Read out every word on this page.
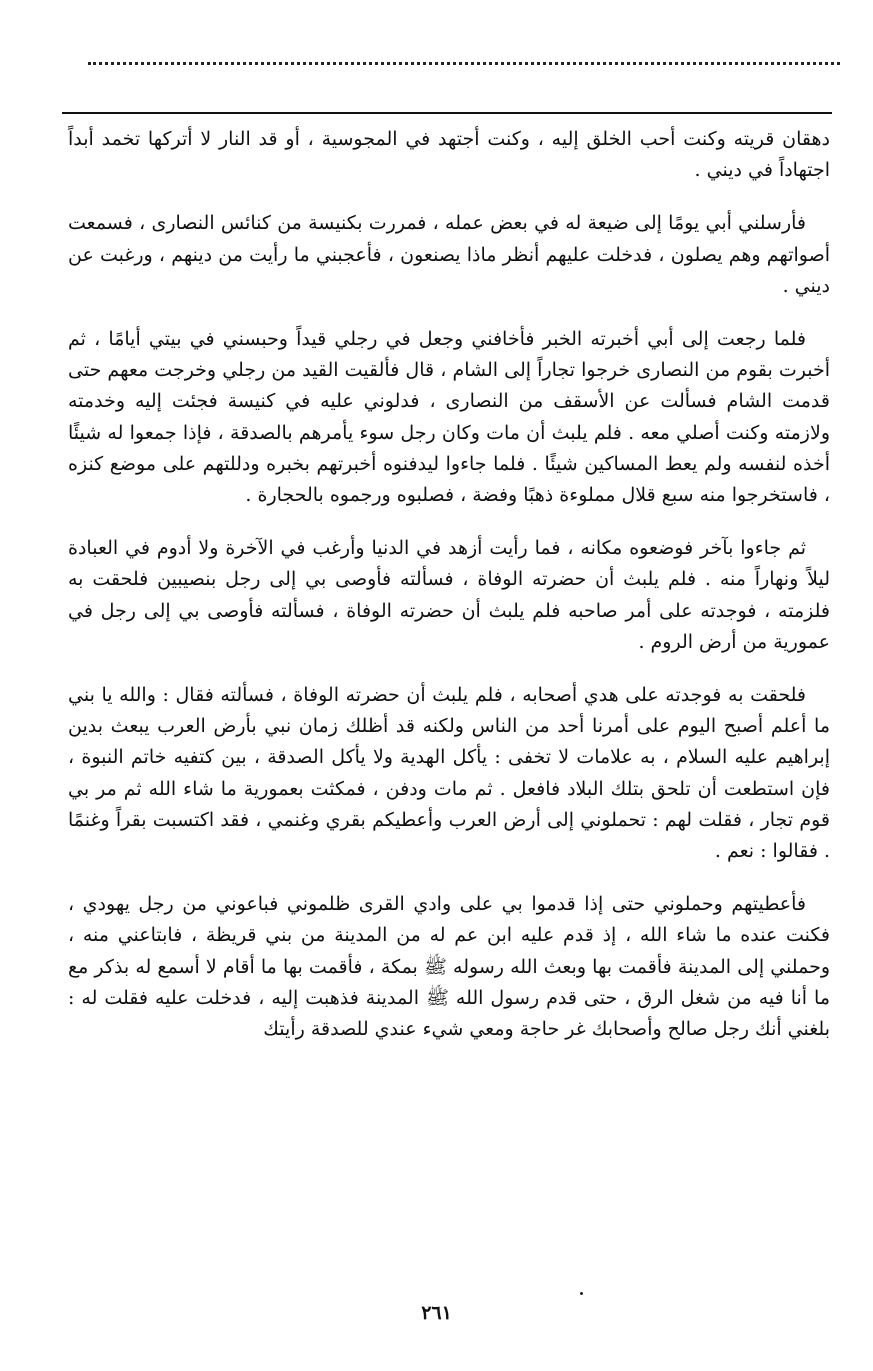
دهقان قريته وكنت أحب الخلق إليه ، وكنت أجتهد في المجوسية ، أو قد النار لا أتركها تخمد أبداً اجتهاداً في ديني .

فأرسلني أبي يومًا إلى ضيعة له في بعض عمله ، فمررت بكنيسة من كنائس النصارى ، فسمعت أصواتهم وهم يصلون ، فدخلت عليهم أنظر ماذا يصنعون ، فأعجبني ما رأيت من دينهم ، ورغبت عن ديني .

فلما رجعت إلى أبي أخبرته الخبر فأخافني وجعل في رجلي قيداً وحبسني في بيتي أيامًا ، ثم أخبرت بقوم من النصارى خرجوا تجاراً إلى الشام ، قال فألقيت القيد من رجلي وخرجت معهم حتى قدمت الشام فسألت عن الأسقف من النصارى ، فدلوني عليه في كنيسة فجئت إليه وخدمته ولازمته وكنت أصلي معه . فلم يلبث أن مات وكان رجل سوء يأمرهم بالصدقة ، فإذا جمعوا له شيئًا أخذه لنفسه ولم يعط المساكين شيئًا . فلما جاءوا ليدفنوه أخبرتهم بخبره ودللتهم على موضع كنزه ، فاستخرجوا منه سبع قلال مملوءة ذهبًا وفضة ، فصلبوه ورجموه بالحجارة .

ثم جاءوا بآخر فوضعوه مكانه ، فما رأيت أزهد في الدنيا وأرغب في الآخرة ولا أدوم في العبادة ليلاً ونهاراً منه . فلم يلبث أن حضرته الوفاة ، فسألته فأوصى بي إلى رجل بنصيبين فلحقت به فلزمته ، فوجدته على أمر صاحبه فلم يلبث أن حضرته الوفاة ، فسألته فأوصى بي إلى رجل في عمورية من أرض الروم .

فلحقت به فوجدته على هدي أصحابه ، فلم يلبث أن حضرته الوفاة ، فسألته فقال : والله يا بني ما أعلم أصبح اليوم على أمرنا أحد من الناس ولكنه قد أظلك زمان نبي بأرض العرب يبعث بدين إبراهيم عليه السلام ، به علامات لا تخفى : يأكل الهدية ولا يأكل الصدقة ، بين كتفيه خاتم النبوة ، فإن استطعت أن تلحق بتلك البلاد فافعل . ثم مات ودفن ، فمكثت بعمورية ما شاء الله ثم مر بي قوم تجار ، فقلت لهم : تحملوني إلى أرض العرب وأعطيكم بقري وغنمي ، فقد اكتسبت بقراً وغنمًا . فقالوا : نعم .

فأعطيتهم وحملوني حتى إذا قدموا بي على وادي القرى ظلموني فباعوني من رجل يهودي ، فكنت عنده ما شاء الله ، إذ قدم عليه ابن عم له من المدينة من بني قريظة ، فابتاعني منه ، وحملني إلى المدينة فأقمت بها وبعث الله رسوله ﷺ بمكة ، فأقمت بها ما أقام لا أسمع له بذكر مع ما أنا فيه من شغل الرق ، حتى قدم رسول الله ﷺ المدينة فذهبت إليه ، فدخلت عليه فقلت له : بلغني أنك رجل صالح وأصحابك غر حاجة ومعي شيء عندي للصدقة رأيتك

٢٦١
